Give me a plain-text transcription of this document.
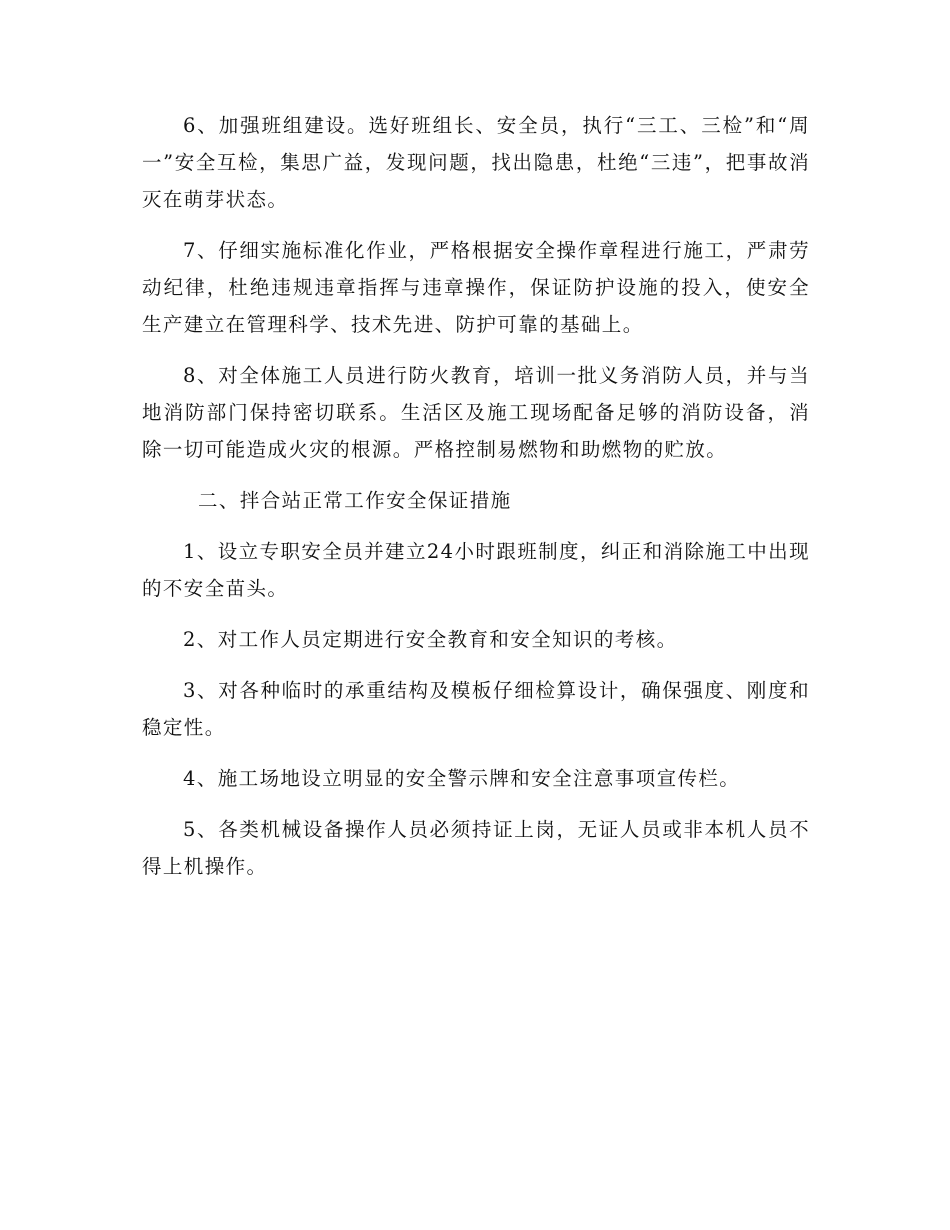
6、加强班组建设。选好班组长、安全员，执行“三工、三检”和“周一”安全互检，集思广益，发现问题，找出隐患，杜绝“三违”，把事故消灭在萌芽状态。

7、仔细实施标准化作业，严格根据安全操作章程进行施工，严肃劳动纪律，杜绝违规违章指挥与违章操作，保证防护设施的投入，使安全生产建立在管理科学、技术先进、防护可靠的基础上。

8、对全体施工人员进行防火教育，培训一批义务消防人员，并与当地消防部门保持密切联系。生活区及施工现场配备足够的消防设备，消除一切可能造成火灾的根源。严格控制易燃物和助燃物的贮放。

二、拌合站正常工作安全保证措施

1、设立专职安全员并建立24小时跟班制度，纠正和消除施工中出现的不安全苗头。

2、对工作人员定期进行安全教育和安全知识的考核。

3、对各种临时的承重结构及模板仔细检算设计，确保强度、刚度和稳定性。

4、施工场地设立明显的安全警示牌和安全注意事项宣传栏。

5、各类机械设备操作人员必须持证上岗，无证人员或非本机人员不得上机操作。
